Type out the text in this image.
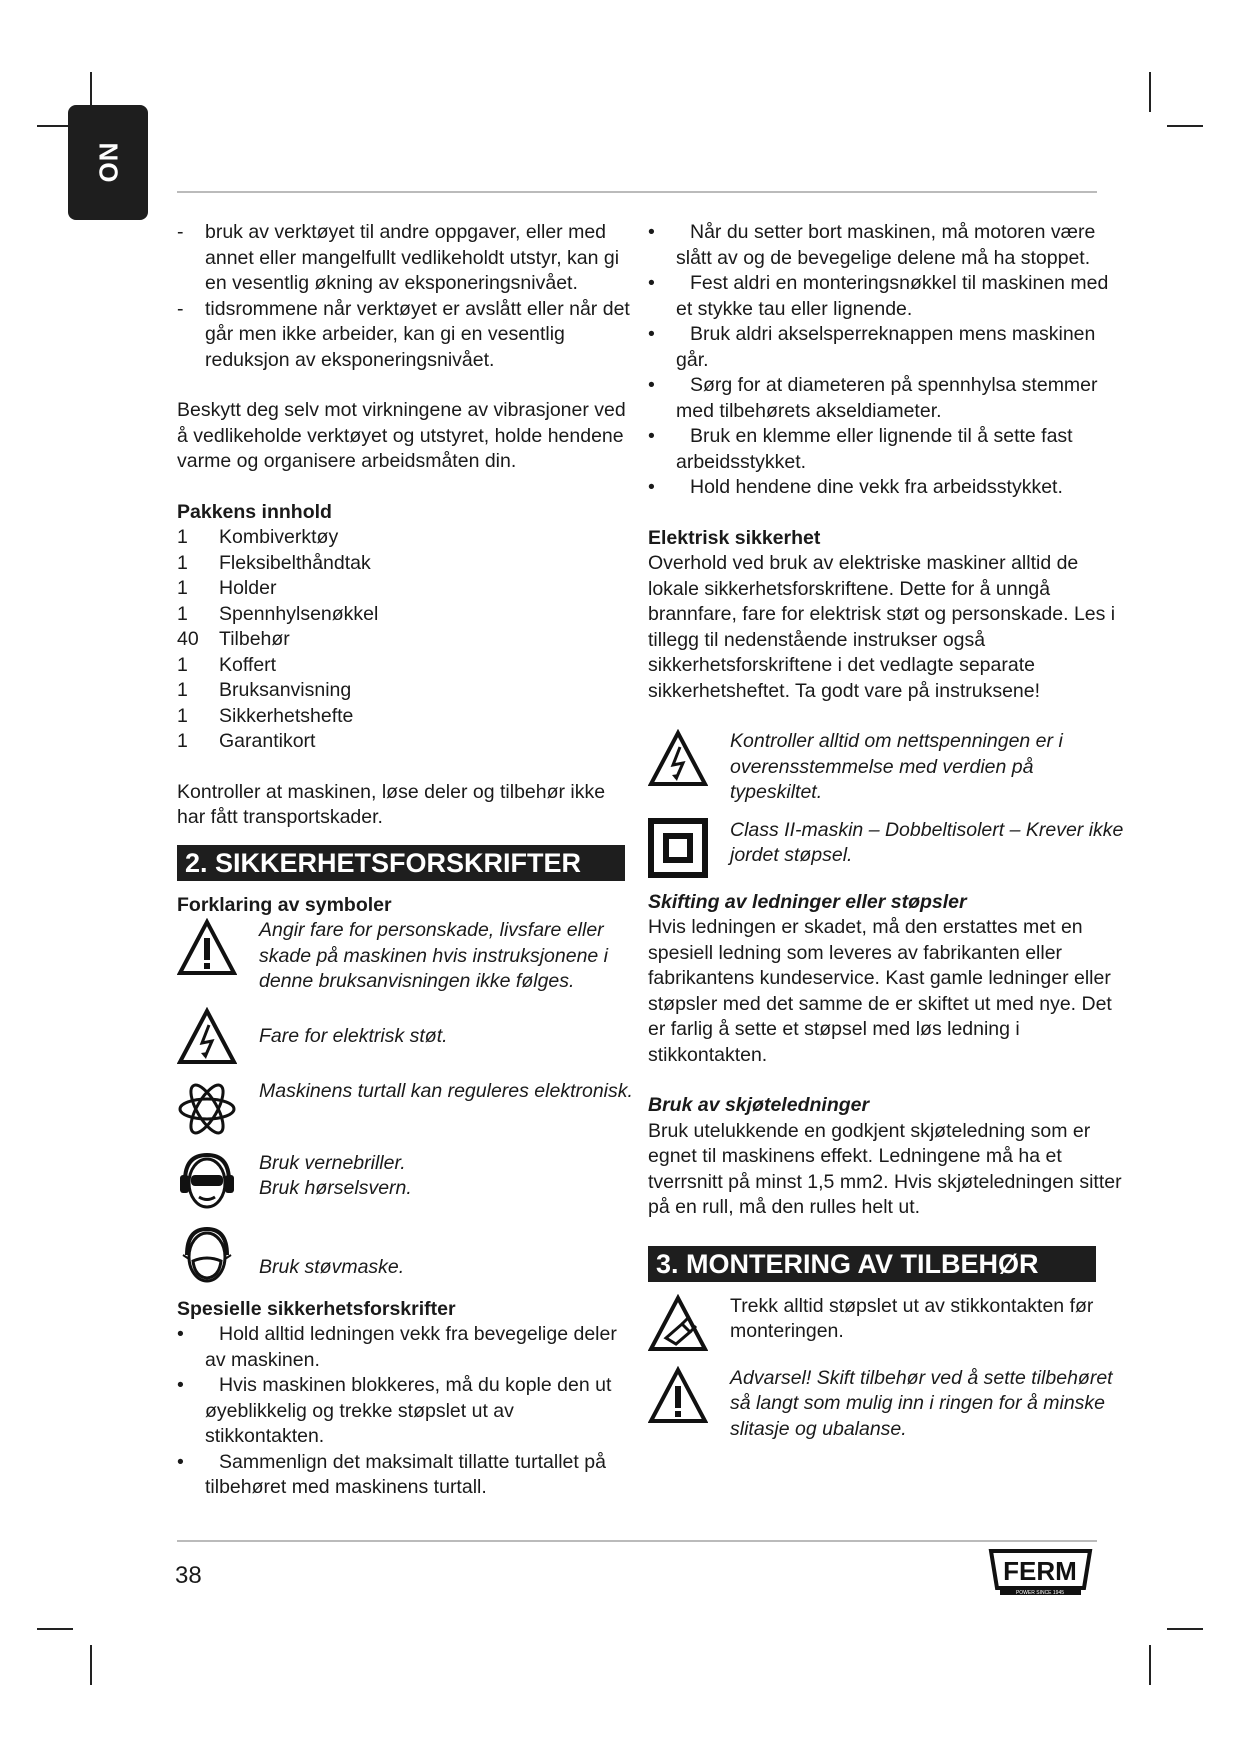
NO

- bruk av verktøyet til andre oppgaver, eller med annet eller mangelfullt vedlikeholdt utstyr, kan gi en vesentlig økning av eksponeringsnivået.

- tidsrommene når verktøyet er avslått eller når det går men ikke arbeider, kan gi en vesentlig reduksjon av eksponeringsnivået.

Beskytt deg selv mot virkningene av vibrasjoner ved å vedlikeholde verktøyet og utstyret, holde hendene varme og organisere arbeidsmåten din.

Pakkens innhold

1	Kombiverktøy
1	Fleksibelthåndtak
1	Holder
1	Spennhylsenøkkel
40	Tilbehør
1	Koffert
1	Bruksanvisning
1	Sikkerhetshefte
1	Garantikort

Kontroller at maskinen, løse deler og tilbehør ikke har fått transportskader.

2. SIKKERHETSFORSKRIFTER

Forklaring av symboler

Angir fare for personskade, livsfare eller skade på maskinen hvis instruksjonene i denne bruksanvisningen ikke følges.
Fare for elektrisk støt.
Maskinens turtall kan reguleres elektronisk.

Bruk vernebriller.

Bruk hørselsvern.

Bruk støvmaske.

Spesielle sikkerhetsforskrifter

• Hold alltid ledningen vekk fra bevegelige deler av maskinen.

• Hvis maskinen blokkeres, må du kople den ut øyeblikkelig og trekke støpslet ut av stikkontakten.

• Sammenlign det maksimalt tillatte turtallet på tilbehøret med maskinens turtall.

• Når du setter bort maskinen, må motoren være slått av og de bevegelige delene må ha stoppet.

• Fest aldri en monteringsnøkkel til maskinen med et stykke tau eller lignende.

• Bruk aldri akselsperreknappen mens maskinen går.

• Sørg for at diameteren på spennhylsa stemmer med tilbehørets akseldiameter.

• Bruk en klemme eller lignende til å sette fast arbeidsstykket.

• Hold hendene dine vekk fra arbeidsstykket.

Elektrisk sikkerhet

Overhold ved bruk av elektriske maskiner alltid de lokale sikkerhetsforskriftene. Dette for å unngå brannfare, fare for elektrisk støt og personskade. Les i tillegg til nedenstående instrukser også sikkerhetsforskriftene i det vedlagte separate sikkerhetsheftet. Ta godt vare på instruksene!

Kontroller alltid om nettspenningen er i overensstemmelse med verdien på typeskiltet.
Class II-maskin – Dobbeltisolert – Krever ikke jordet støpsel.

Skifting av ledninger eller støpsler

Hvis ledningen er skadet, må den erstattes met en spesiell ledning som leveres av fabrikanten eller fabrikantens kundeservice. Kast gamle ledninger eller støpsler med det samme de er skiftet ut med nye. Det er farlig å sette et støpsel med løs ledning i stikkontakten.

Bruk av skjøteledninger

Bruk utelukkende en godkjent skjøteledning som er egnet til maskinens effekt. Ledningene må ha et tverrsnitt på minst 1,5 mm2. Hvis skjøteledningen sitter på en rull, må den rulles helt ut.

3. MONTERING AV TILBEHØR
Trekk alltid støpslet ut av stikkontakten før monteringen.
Advarsel! Skift tilbehør ved å sette tilbehøret så langt som mulig inn i ringen for å minske slitasje og ubalanse.
38	FERM
POWER SINCE 1945
